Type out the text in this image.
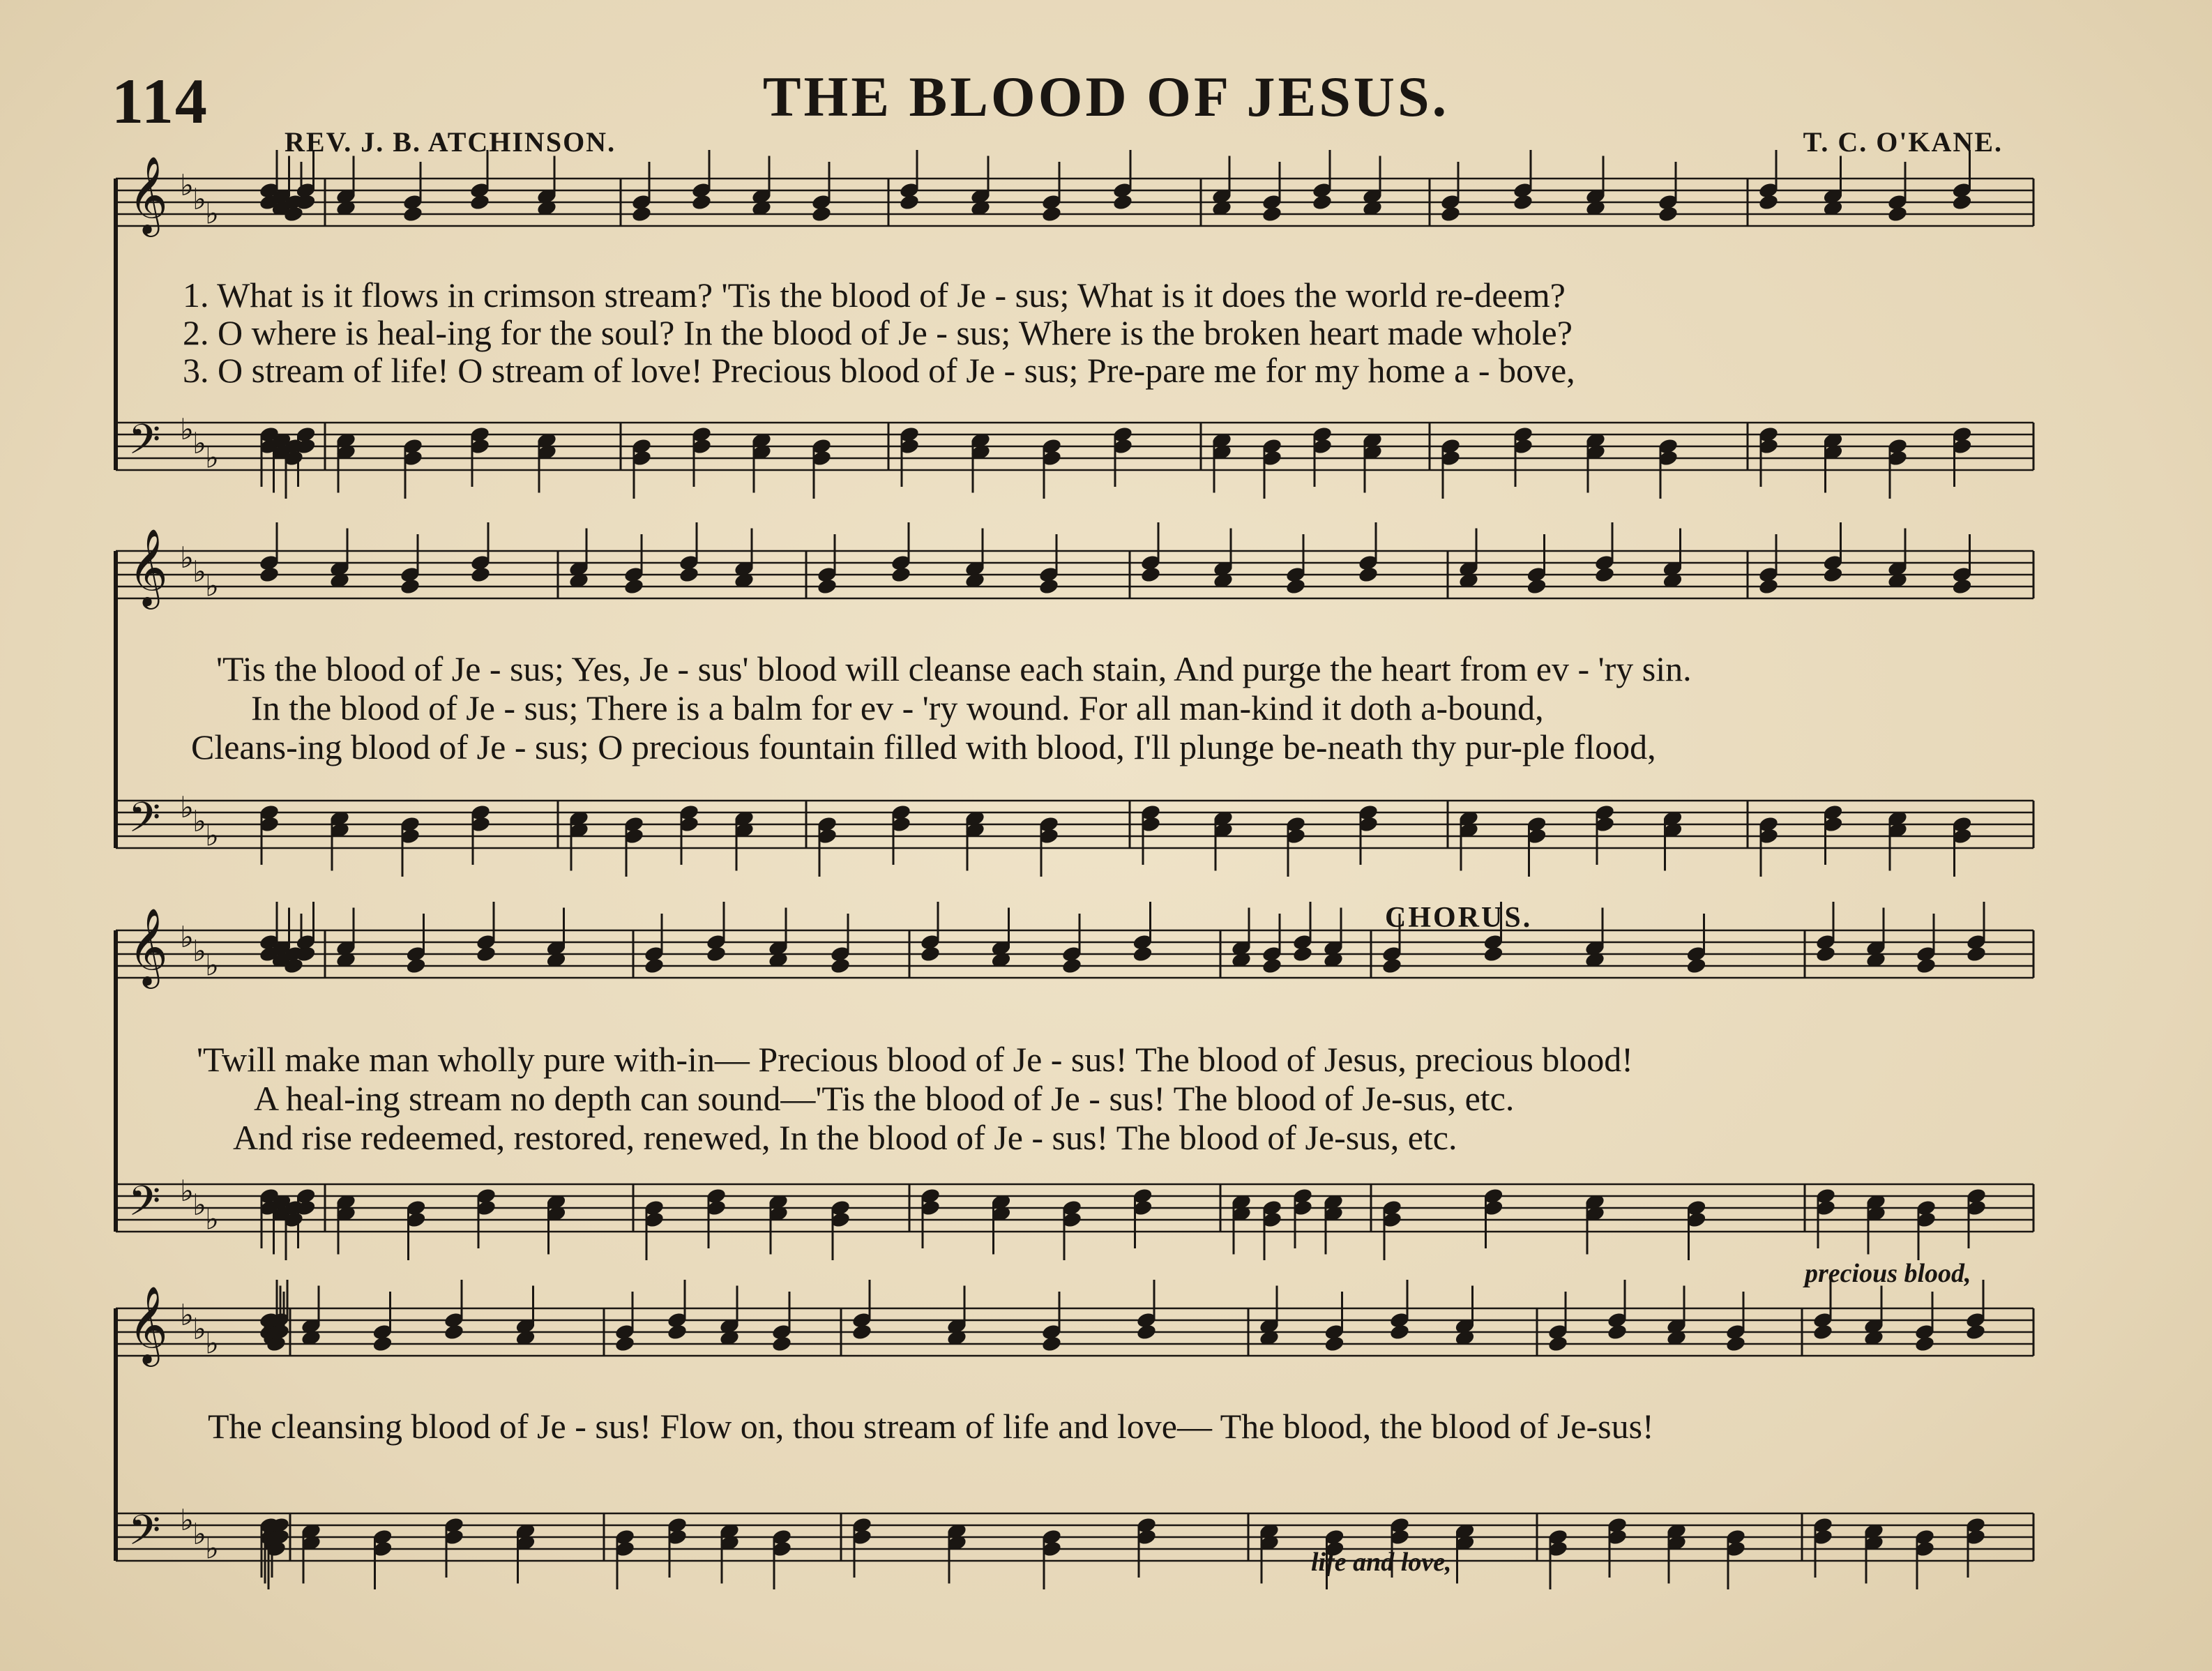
114	THE BLOOD OF JESUS.
REV. J. B. ATCHINSON.	T. C. O'KANE.
𝄞 ♭
♭
♭
𝄢 ♭
♭
♭
𝄞 ♭
♭
♭
𝄢 ♭
♭
♭
𝄞 ♭
♭
♭
𝄢 ♭
♭
♭
𝄞 ♭
♭
♭
𝄢 ♭
♭
♭
1. What is it flows in crimson stream? 'Tis the blood of Je - sus; What is it does the world re-deem?
2. O where is heal-ing for the soul? In the blood of Je - sus; Where is the broken heart made whole?
3. O stream of life! O stream of love! Precious blood of Je - sus; Pre-pare me for my home a - bove,
'Tis the blood of Je - sus; Yes, Je - sus' blood will cleanse each stain, And purge the heart from ev - 'ry sin.
In the blood of Je - sus; There is a balm for ev - 'ry wound. For all man-kind it doth a-bound,
Cleans-ing blood of Je - sus; O precious fountain filled with blood, I'll plunge be-neath thy pur-ple flood,
CHORUS.
'Twill make man wholly pure with-in— Precious blood of Je - sus! The blood of Jesus, precious blood!
A heal-ing stream no depth can sound—'Tis the blood of Je - sus! The blood of Je-sus, etc.
And rise redeemed, restored, renewed, In the blood of Je - sus! The blood of Je-sus, etc.
precious blood,
The cleansing blood of Je - sus! Flow on, thou stream of life and love— The blood, the blood of Je-sus!
life and love,
